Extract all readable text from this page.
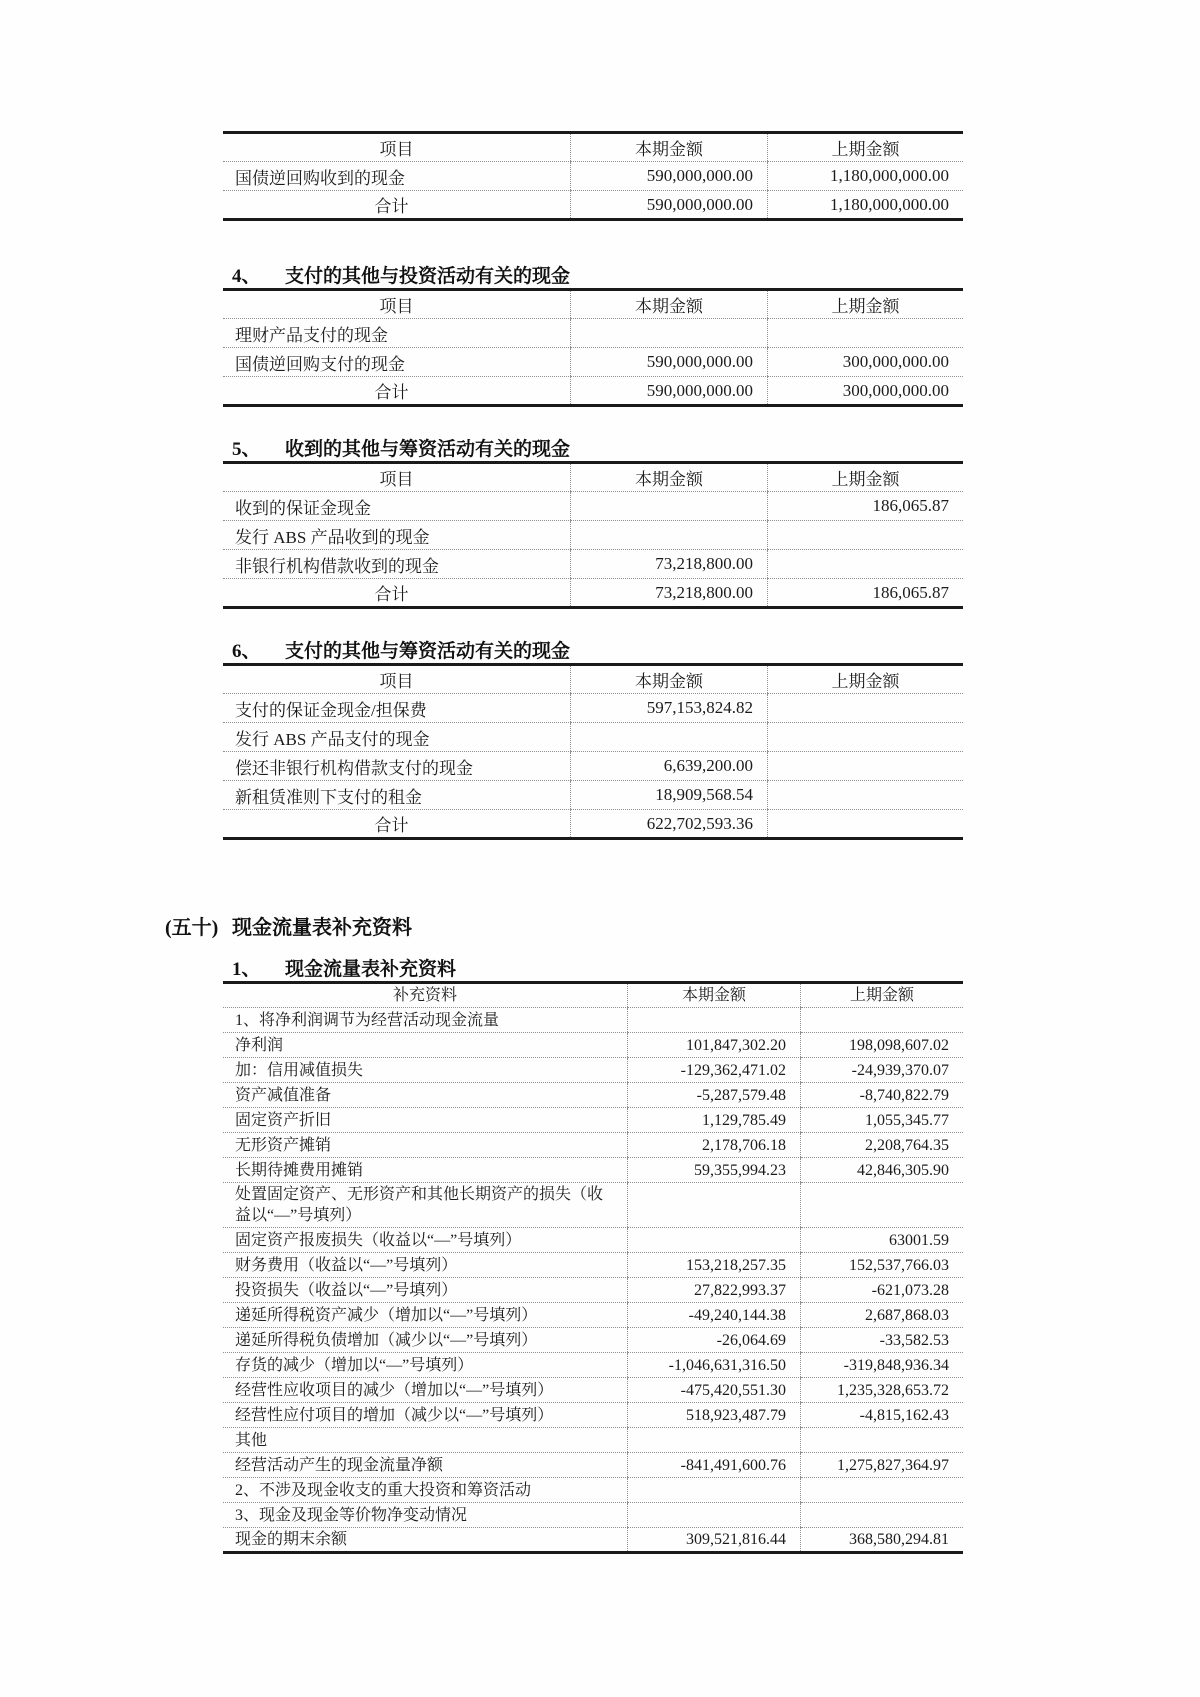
项目	本期金额	上期金额
国债逆回购收到的现金	590,000,000.00	1,180,000,000.00
合计	590,000,000.00	1,180,000,000.00
4、	支付的其他与投资活动有关的现金
项目	本期金额	上期金额
理财产品支付的现金		
国债逆回购支付的现金	590,000,000.00	300,000,000.00
合计	590,000,000.00	300,000,000.00
5、	收到的其他与筹资活动有关的现金
项目	本期金额	上期金额
收到的保证金现金		186,065.87
发行 ABS 产品收到的现金		
非银行机构借款收到的现金	73,218,800.00	
合计	73,218,800.00	186,065.87
6、	支付的其他与筹资活动有关的现金
项目	本期金额	上期金额
支付的保证金现金/担保费	597,153,824.82	
发行 ABS 产品支付的现金		
偿还非银行机构借款支付的现金	6,639,200.00	
新租赁准则下支付的租金	18,909,568.54	
合计	622,702,593.36	
(五十) 现金流量表补充资料
1、	现金流量表补充资料
补充资料	本期金额	上期金额
1、将净利润调节为经营活动现金流量		
净利润	101,847,302.20	198,098,607.02
加：信用减值损失	-129,362,471.02	-24,939,370.07
资产减值准备	-5,287,579.48	-8,740,822.79
固定资产折旧	1,129,785.49	1,055,345.77
无形资产摊销	2,178,706.18	2,208,764.35
长期待摊费用摊销	59,355,994.23	42,846,305.90
处置固定资产、无形资产和其他长期资产的损失（收益以“—”号填列）		
固定资产报废损失（收益以“—”号填列）		63001.59
财务费用（收益以“—”号填列）	153,218,257.35	152,537,766.03
投资损失（收益以“—”号填列）	27,822,993.37	-621,073.28
递延所得税资产减少（增加以“—”号填列）	-49,240,144.38	2,687,868.03
递延所得税负债增加（减少以“—”号填列）	-26,064.69	-33,582.53
存货的减少（增加以“—”号填列）	-1,046,631,316.50	-319,848,936.34
经营性应收项目的减少（增加以“—”号填列）	-475,420,551.30	1,235,328,653.72
经营性应付项目的增加（减少以“—”号填列）	518,923,487.79	-4,815,162.43
其他		
经营活动产生的现金流量净额	-841,491,600.76	1,275,827,364.97
2、不涉及现金收支的重大投资和筹资活动		
3、现金及现金等价物净变动情况		
现金的期末余额	309,521,816.44	368,580,294.81
